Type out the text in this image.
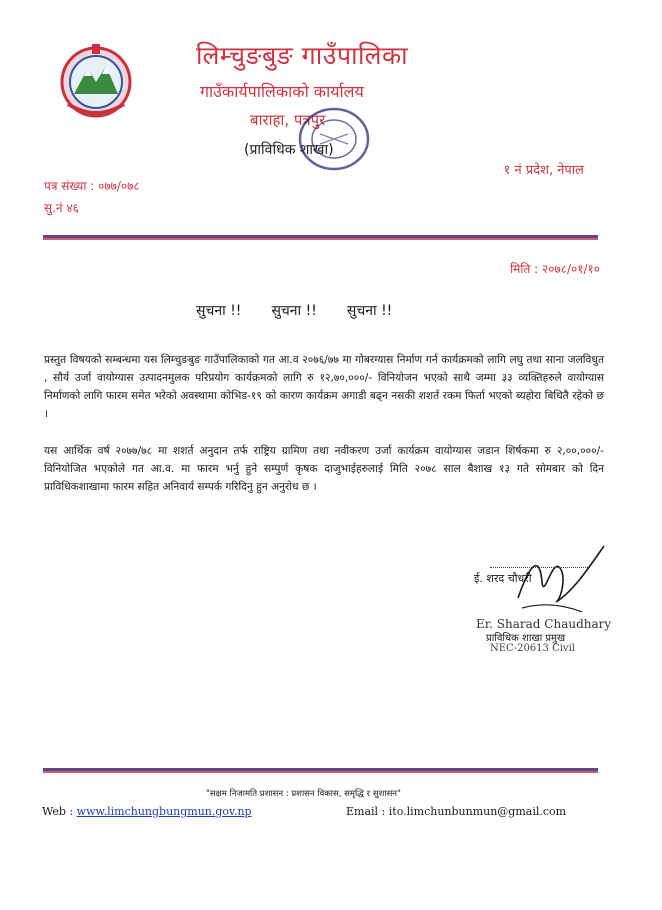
लिम्चुङबुङ गाउँपालिका
गाउँकार्यपालिकाको कार्यालय
बाराहा, पत्रपुर
(प्राविधिक शाखा)
१ नं प्रदेश, नेपाल
पत्र संख्या : ०७७/०७८
सु.नं ४६
मिति : २०७८/०१/१०
सुचना !! सुचना !! सुचना !!
प्रस्तुत विषयको सम्बन्धमा यस लिम्चुङबुङ गाउँपालिकाको गत आ.व २०७६/७७ मा गोबरग्यास निर्माण गर्न कार्यक्रमको लागि लघु तथा साना जलविधुत , सौर्य उर्जा वायोग्यास उत्पादनमुलक परिप्रयोग कार्यक्रमको लागि रु १२,७०,०००/- विनियोजन भएको साथै जम्मा ३३ व्यक्तिहरुले वायोग्यास निर्माणको लागि फारम समेत भरेको अवस्थामा कोभिड-१९ को कारण कार्यक्रम अगाडी बढ्न नसकी शशर्त रकम फिर्ता भएको ब्यहोरा बिधितै रहेको छ ।
यस आर्थिक वर्ष २०७७/७८ मा शशर्त अनुदान तर्फ राष्ट्रिय ग्रामिण तथा नवीकरण उर्जा कार्यक्रम वायोग्यास जडान शिर्षकमा रु २,००,०००/- विनियोजित भएकोले गत आ.व. मा फारम भर्नु हुने सम्पुर्ण कृषक दाजुभाईहरुलाई मिति २०७८ साल बैशाख १३ गते सोमबार को दिन प्राविधिकशाखामा फारम सहित अनिवार्य सम्पर्क गरिदिनु हुन अनुरोध छ ।
ई. शरद चौधरी
Er. Sharad Chaudhary
प्राविधिक शाखा प्रमुख
NEC-20613 Civil
"सक्षम निजामति प्रशासन : प्रशासन विकास, समृद्धि र सुशासन"
Web : www.limchungbungmun.gov.np	Email : ito.limchunbunmun@gmail.com
